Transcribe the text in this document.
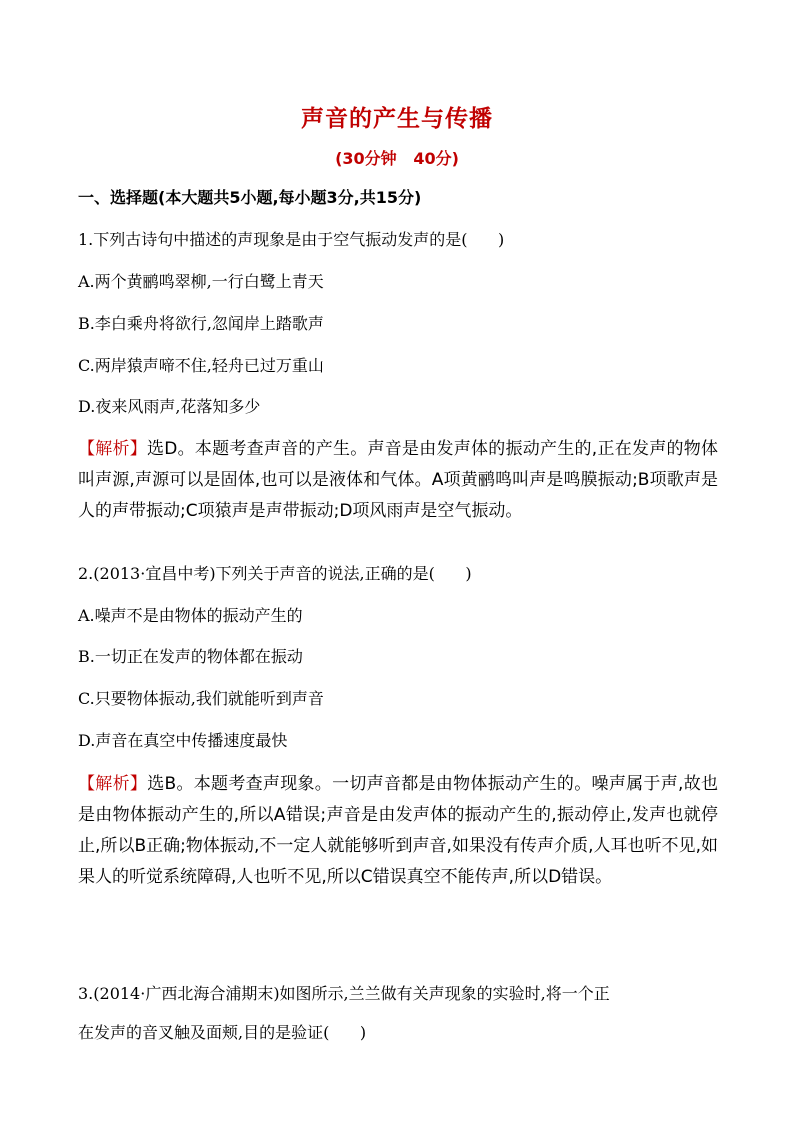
声音的产生与传播
(30分钟   40分)
一、选择题(本大题共5小题,每小题3分,共15分)
1.下列古诗句中描述的声现象是由于空气振动发声的是(      )
A.两个黄鹂鸣翠柳,一行白鹭上青天
B.李白乘舟将欲行,忽闻岸上踏歌声
C.两岸猿声啼不住,轻舟已过万重山
D.夜来风雨声,花落知多少
【解析】选D。本题考查声音的产生。声音是由发声体的振动产生的,正在发声的物体叫声源,声源可以是固体,也可以是液体和气体。A项黄鹂鸣叫声是鸣膜振动;B项歌声是人的声带振动;C项猿声是声带振动;D项风雨声是空气振动。
2.(2013·宜昌中考)下列关于声音的说法,正确的是(      )
A.噪声不是由物体的振动产生的
B.一切正在发声的物体都在振动
C.只要物体振动,我们就能听到声音
D.声音在真空中传播速度最快
【解析】选B。本题考查声现象。一切声音都是由物体振动产生的。噪声属于声,故也是由物体振动产生的,所以A错误;声音是由发声体的振动产生的,振动停止,发声也就停止,所以B正确;物体振动,不一定人就能够听到声音,如果没有传声介质,人耳也听不见,如果人的听觉系统障碍,人也听不见,所以C错误真空不能传声,所以D错误。
3.(2014·广西北海合浦期末)如图所示,兰兰做有关声现象的实验时,将一个正
在发声的音叉触及面颊,目的是验证(      )
